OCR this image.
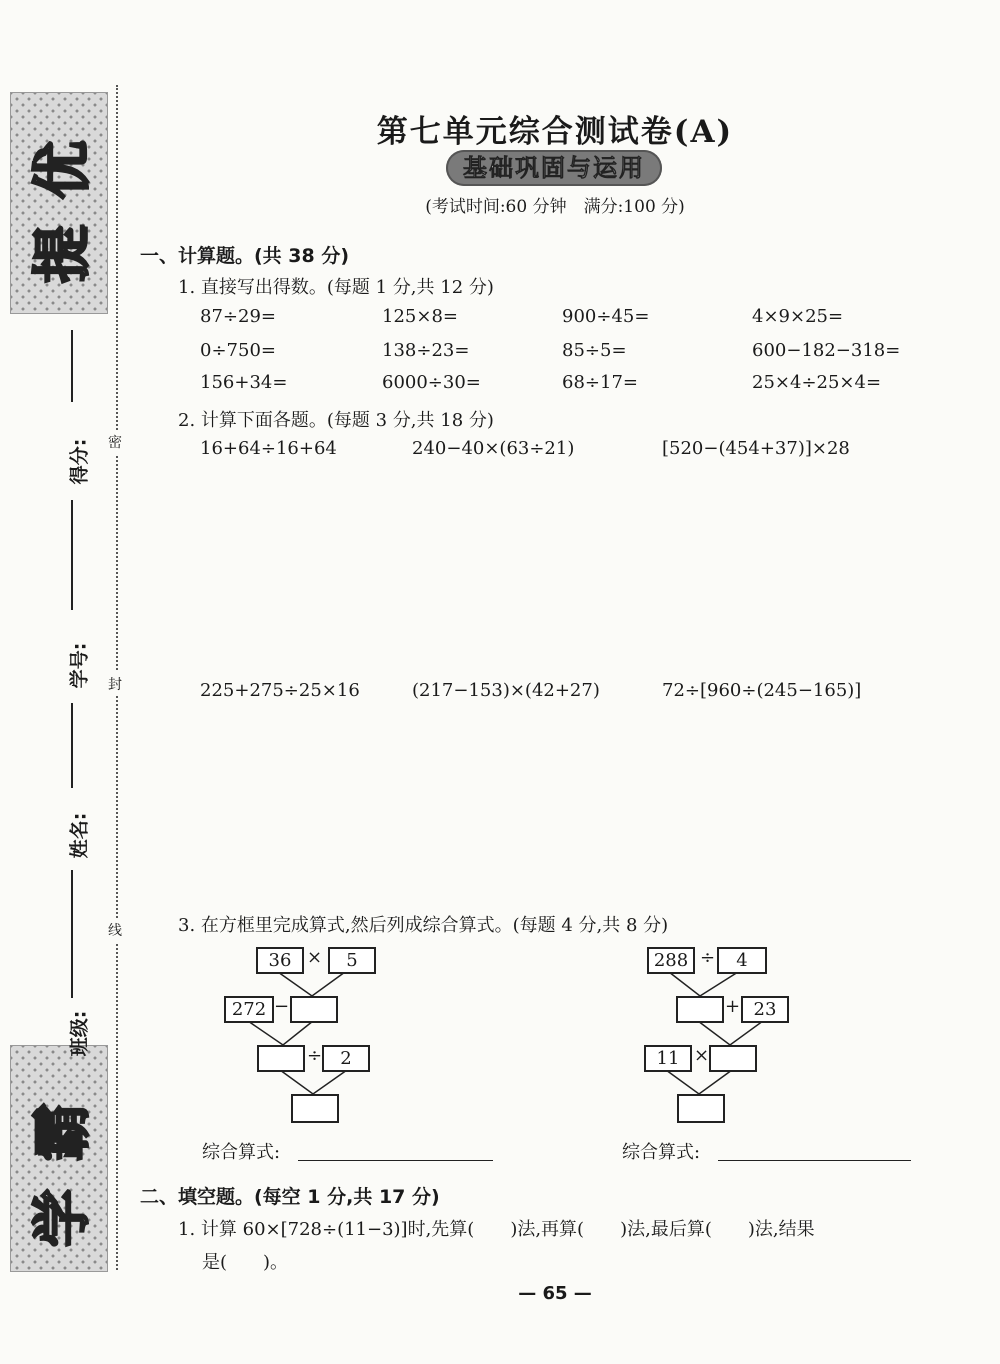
提
优
学
霸
得分:
学号:
姓名:
班级:
密
封
线
第七单元综合测试卷(A)
基础巩固与运用
(考试时间:60 分钟　满分:100 分)
一、计算题。(共 38 分)
1. 直接写出得数。(每题 1 分,共 12 分)
87÷29=	125×8=	900÷45=	4×9×25=
0÷750=	138÷23=	85÷5=	600−182−318=
156+34=	6000÷30=	68÷17=	25×4÷25×4=
2. 计算下面各题。(每题 3 分,共 18 分)
16+64÷16+64	240−40×(63÷21)	[520−(454+37)]×28
225+275÷25×16	(217−153)×(42+27)	72÷[960÷(245−165)]
3. 在方框里完成算式,然后列成综合算式。(每题 4 分,共 8 分)
36 ×	5
272 −
÷	2
288 ÷	4
+ 23
11 ×
综合算式:	综合算式:
二、填空题。(每空 1 分,共 17 分)
1. 计算 60×[728÷(11−3)]时,先算(　　)法,再算(　　)法,最后算(　　)法,结果
是(　　)。
— 65 —
